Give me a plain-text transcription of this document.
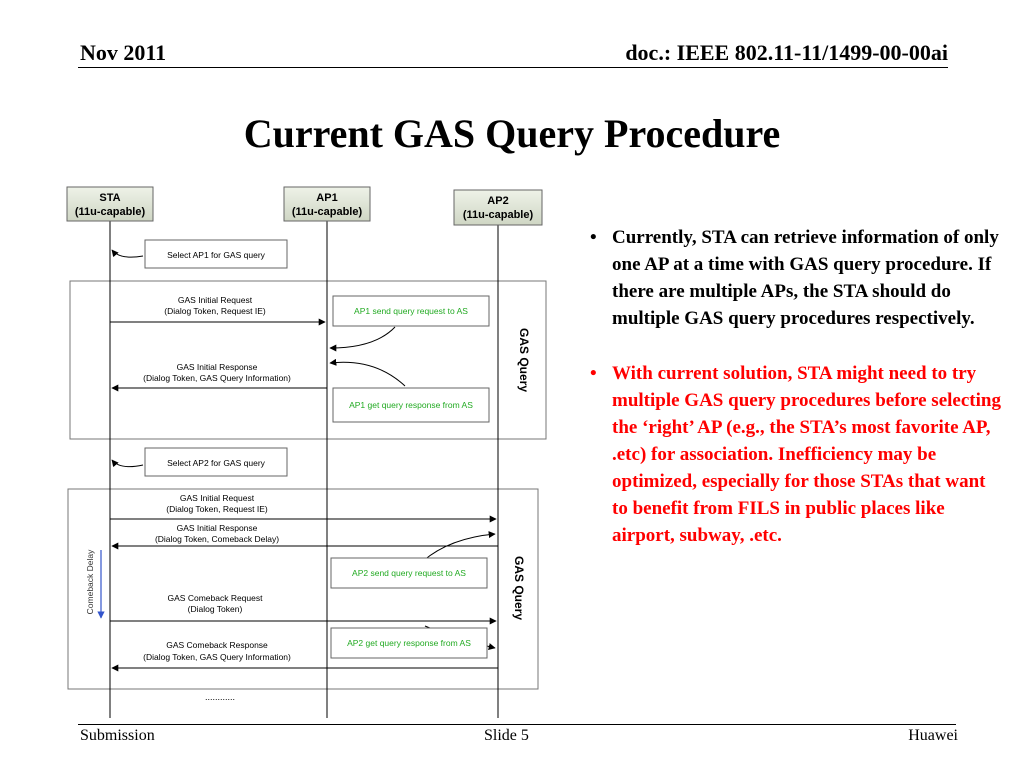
Nov 2011	doc.: IEEE 802.11-11/1499-00-00ai
Current GAS Query Procedure
STA
(11u-capable)
AP1
(11u-capable)
AP2
(11u-capable)
Select AP1 for GAS query
GAS Initial Request
(Dialog Token, Request IE)	AP1 send query request to AS
GAS Initial Response
(Dialog Token, GAS Query Information)
AP1 get query response from AS
GAS Query
Select AP2 for GAS query
GAS Initial Request
(Dialog Token, Request IE)
GAS Initial Response
(Dialog Token, Comeback Delay)
AP2 send query request to AS
Comeback Delay	GAS Comeback Request
(Dialog Token)
AP2 get query response from AS
GAS Comeback Response
(Dialog Token, GAS Query Information)
GAS Query
............
• Currently, STA can retrieve information of only one AP at a time with GAS query procedure. If there are multiple APs, the STA should do multiple GAS query procedures respectively.
• With current solution, STA might need to try multiple GAS query procedures before selecting the ‘right’ AP (e.g., the STA’s most favorite AP, .etc) for association. Inefficiency may be optimized, especially for those STAs that want to benefit from FILS in public places like airport, subway, .etc.
Submission	Slide 5	Huawei
